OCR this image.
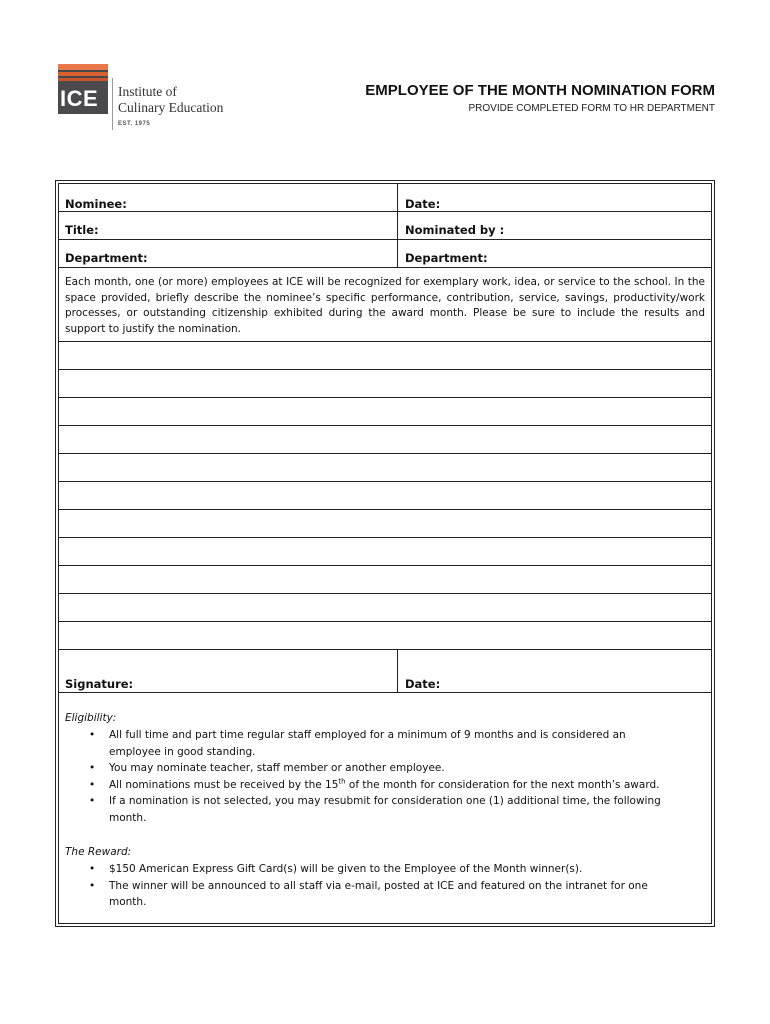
ICE Institute of
Culinary Education
EST. 1975
EMPLOYEE OF THE MONTH NOMINATION FORM
PROVIDE COMPLETED FORM TO HR DEPARTMENT
Nominee:	Date:
Title:	Nominated by :
Department:	Department:
Each month, one (or more) employees at ICE will be recognized for exemplary work, idea, or service to the school. In the space provided, briefly describe the nominee’s specific performance, contribution, service, savings, productivity/work processes, or outstanding citizenship exhibited during the award month. Please be sure to include the results and support to justify the nomination.
Signature:	Date:
Eligibility:
• All full time and part time regular staff employed for a minimum of 9 months and is considered an employee in good standing.
• You may nominate teacher, staff member or another employee.
• All nominations must be received by the 15th of the month for consideration for the next month’s award.
• If a nomination is not selected, you may resubmit for consideration one (1) additional time, the following month.
The Reward:
• $150 American Express Gift Card(s) will be given to the Employee of the Month winner(s).
• The winner will be announced to all staff via e-mail, posted at ICE and featured on the intranet for one month.
